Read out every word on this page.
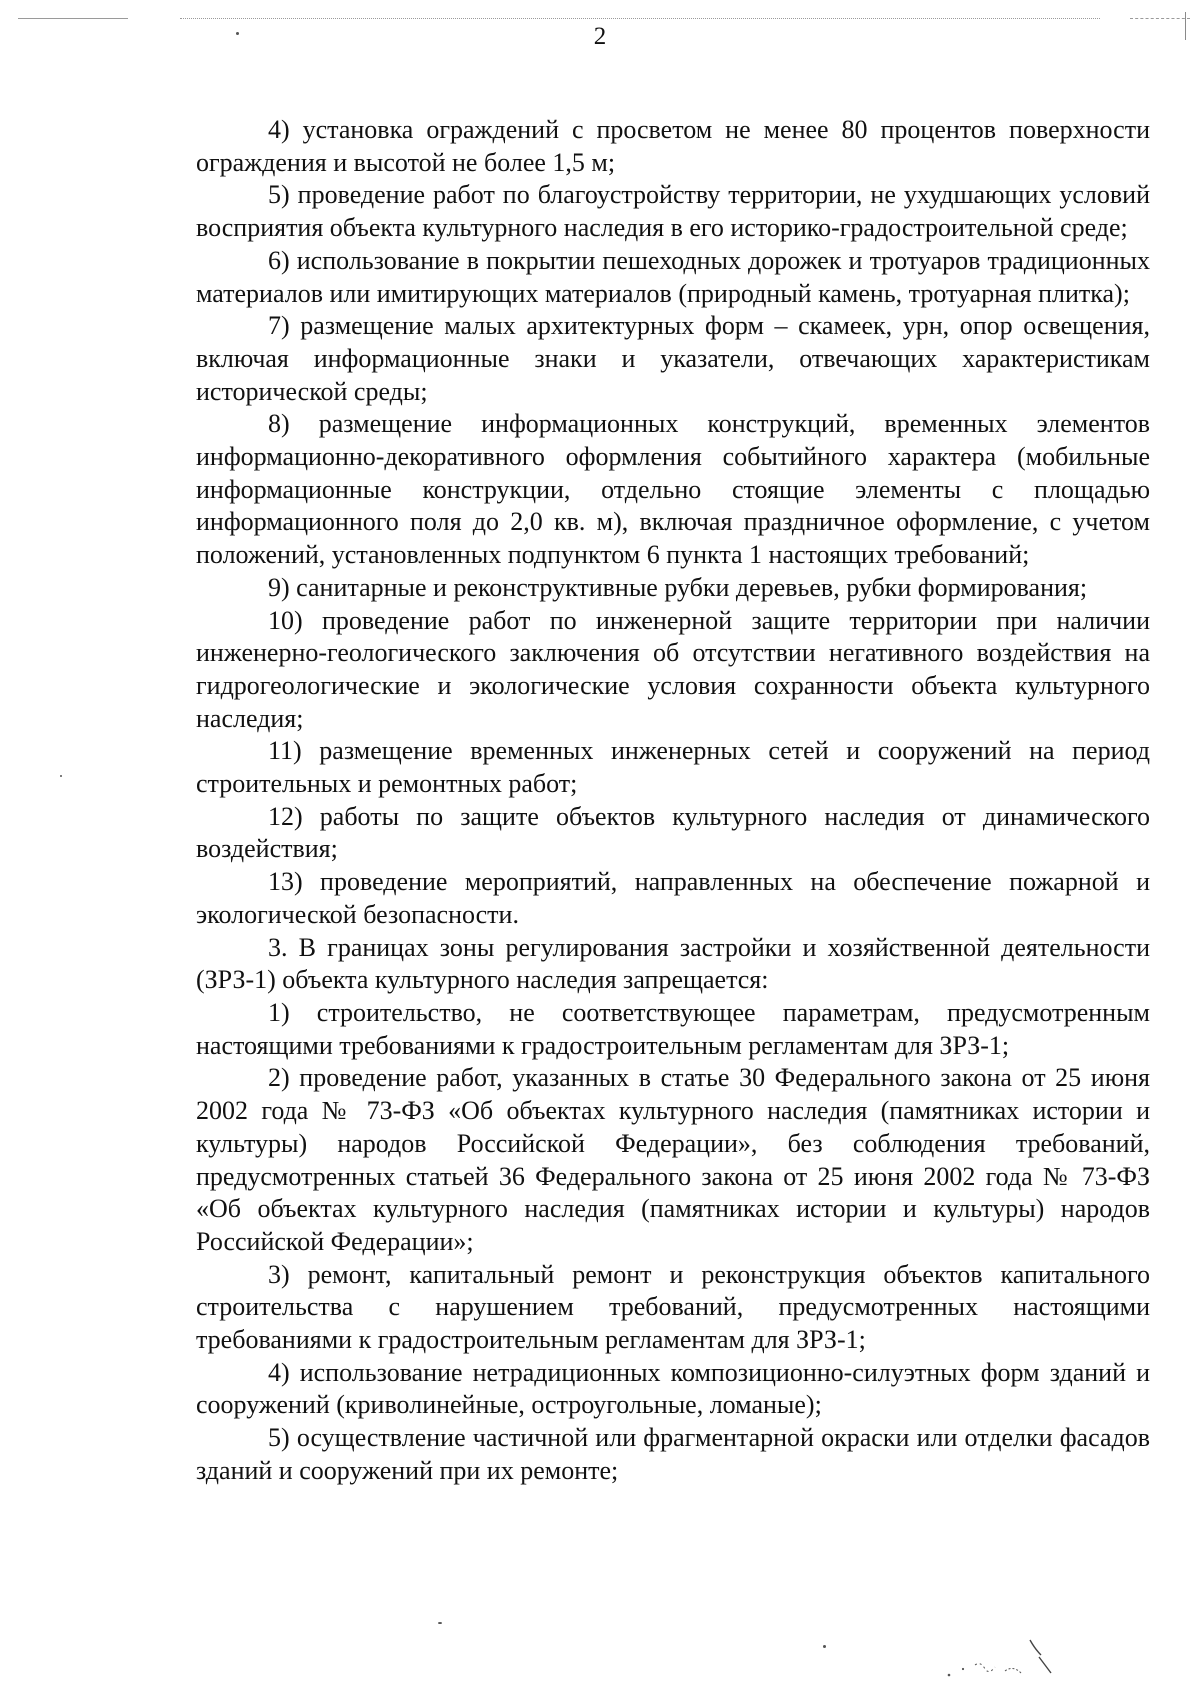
2

4) установка ограждений с просветом не менее 80 процентов поверхности ограждения и высотой не более 1,5 м;

5) проведение работ по благоустройству территории, не ухудшающих условий восприятия объекта культурного наследия в его историко-градостроительной среде;

6) использование в покрытии пешеходных дорожек и тротуаров традиционных материалов или имитирующих материалов (природный камень, тротуарная плитка);

7) размещение малых архитектурных форм – скамеек, урн, опор освещения, включая информационные знаки и указатели, отвечающих характеристикам исторической среды;

8) размещение информационных конструкций, временных элементов информационно-декоративного оформления событийного характера (мобильные информационные конструкции, отдельно стоящие элементы с площадью информационного поля до 2,0 кв. м), включая праздничное оформление, с учетом положений, установленных подпунктом 6 пункта 1 настоящих требований;

9) санитарные и реконструктивные рубки деревьев, рубки формирования;

10) проведение работ по инженерной защите территории при наличии инженерно-геологического заключения об отсутствии негативного воздействия на гидрогеологические и экологические условия сохранности объекта культурного наследия;

11) размещение временных инженерных сетей и сооружений на период строительных и ремонтных работ;

12) работы по защите объектов культурного наследия от динамического воздействия;

13) проведение мероприятий, направленных на обеспечение пожарной и экологической безопасности.

3. В границах зоны регулирования застройки и хозяйственной деятельности (ЗРЗ-1) объекта культурного наследия запрещается:

1) строительство, не соответствующее параметрам, предусмотренным настоящими требованиями к градостроительным регламентам для ЗРЗ-1;

2) проведение работ, указанных в статье 30 Федерального закона от 25 июня 2002 года № 73-ФЗ «Об объектах культурного наследия (памятниках истории и культуры) народов Российской Федерации», без соблюдения требований, предусмотренных статьей 36 Федерального закона от 25 июня 2002 года № 73-ФЗ «Об объектах культурного наследия (памятниках истории и культуры) народов Российской Федерации»;

3) ремонт, капитальный ремонт и реконструкция объектов капитального строительства с нарушением требований, предусмотренных настоящими требованиями к градостроительным регламентам для ЗРЗ-1;

4) использование нетрадиционных композиционно-силуэтных форм зданий и сооружений (криволинейные, остроугольные, ломаные);

5) осуществление частичной или фрагментарной окраски или отделки фасадов зданий и сооружений при их ремонте;
